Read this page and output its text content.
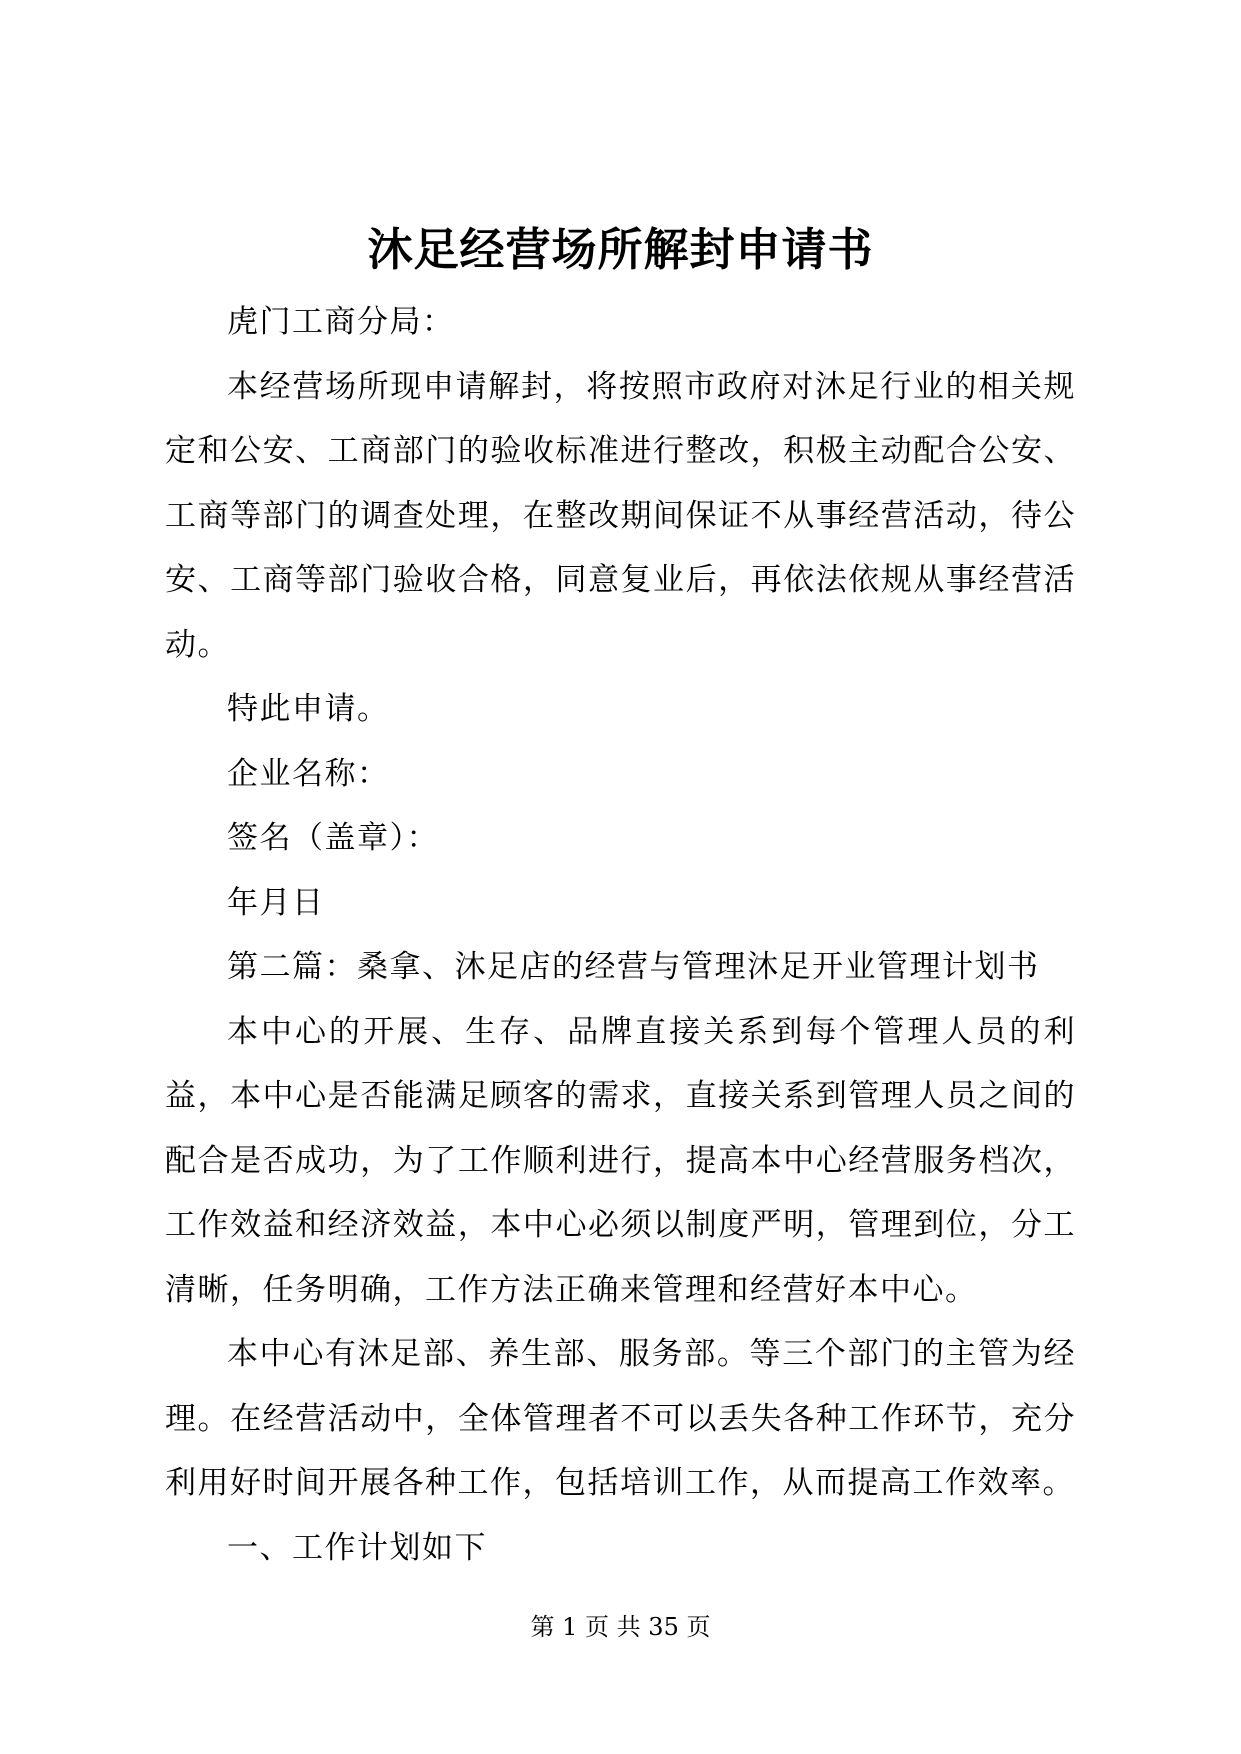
沐足经营场所解封申请书

虎门工商分局：

本经营场所现申请解封，将按照市政府对沐足行业的相关规定和公安、工商部门的验收标准进行整改，积极主动配合公安、工商等部门的调查处理，在整改期间保证不从事经营活动，待公安、工商等部门验收合格，同意复业后，再依法依规从事经营活动。

特此申请。

企业名称：

签名（盖章）：

年月日

第二篇：桑拿、沐足店的经营与管理沐足开业管理计划书

本中心的开展、生存、品牌直接关系到每个管理人员的利益，本中心是否能满足顾客的需求，直接关系到管理人员之间的配合是否成功，为了工作顺利进行，提高本中心经营服务档次，工作效益和经济效益，本中心必须以制度严明，管理到位，分工清晰，任务明确，工作方法正确来管理和经营好本中心。

本中心有沐足部、养生部、服务部。等三个部门的主管为经理。在经营活动中，全体管理者不可以丢失各种工作环节，充分利用好时间开展各种工作，包括培训工作，从而提高工作效率。

一、工作计划如下

第 1 页 共 35 页
